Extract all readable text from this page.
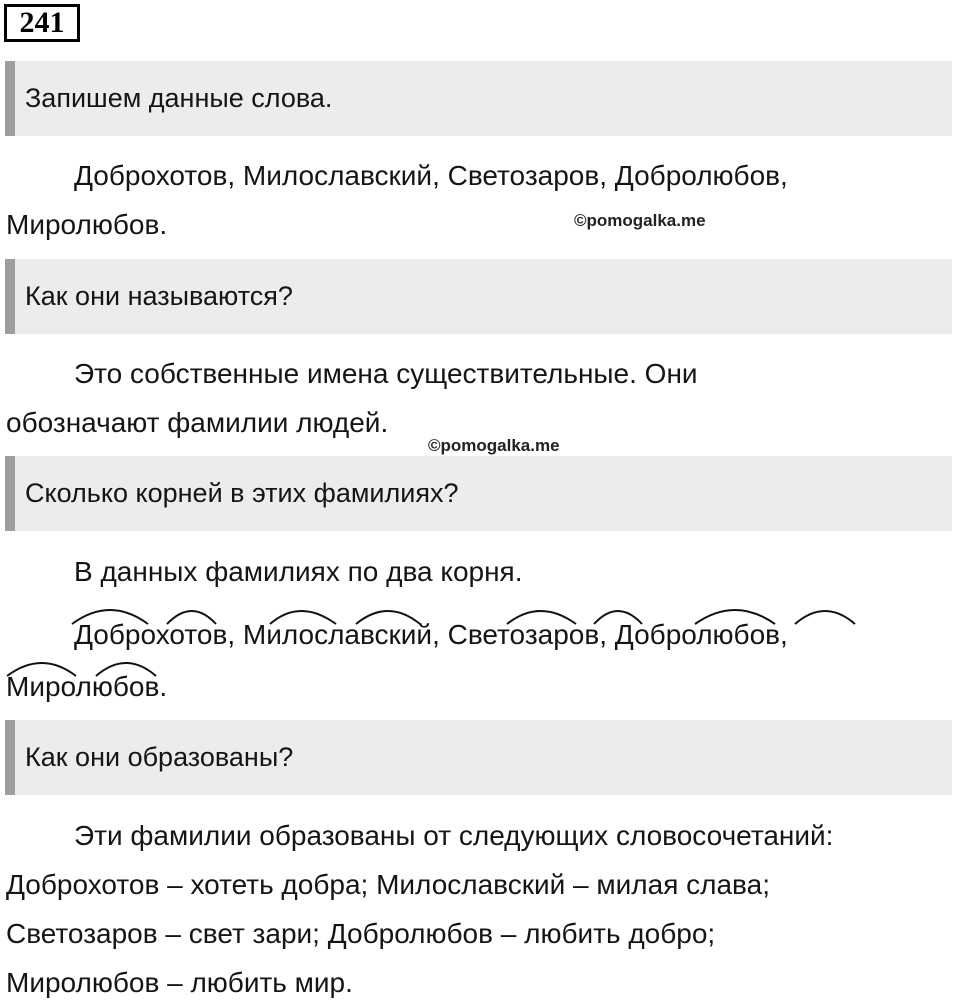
241
Запишем данные слова.
Доброхотов, Милославский, Светозаров, Добролюбов,
Миролюбов.	©pomogalka.me
Как они называются?
Это собственные имена существительные. Они
обозначают фамилии людей.
©pomogalka.me
Сколько корней в этих фамилиях?
В данных фамилиях по два корня.
Доброхотов, Милославский, Светозаров, Добролюбов,
Миролюбов.
Как они образованы?
Эти фамилии образованы от следующих словосочетаний:
Доброхотов – хотеть добра; Милославский – милая слава;
Светозаров – свет зари; Добролюбов – любить добро;
Миролюбов – любить мир.
